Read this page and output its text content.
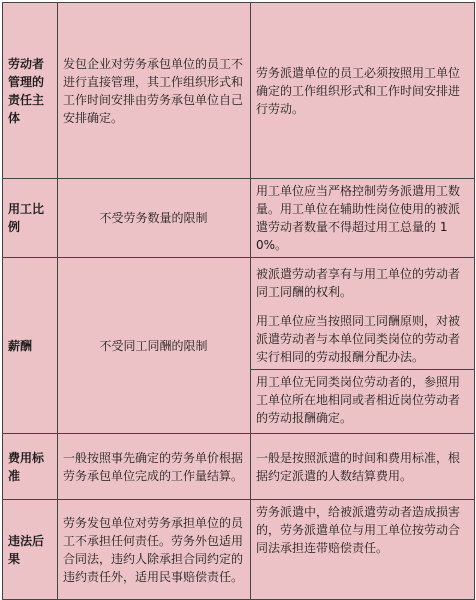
劳动者管理的责任主体	发包企业对劳务承包单位的员工不进行直接管理，其工作组织形式和工作时间安排由劳务承包单位自己安排确定。	劳务派遣单位的员工必须按照用工单位确定的工作组织形式和工作时间安排进行劳动。
用工比例	不受劳务数量的限制	用工单位应当严格控制劳务派遣用工数量。用工单位在辅助性岗位使用的被派遣劳动者数量不得超过用工总量的 10%。
薪酬	不受同工同酬的限制	被派遣劳动者享有与用工单位的劳动者同工同酬的权利。

用工单位应当按照同工同酬原则，对被派遣劳动者与本单位同类岗位的劳动者实行相同的劳动报酬分配办法。

用工单位无同类岗位劳动者的，参照用工单位所在地相同或者相近岗位劳动者的劳动报酬确定。

费用标准	一般按照事先确定的劳务单价根据劳务承包单位完成的工作量结算。	一般是按照派遣的时间和费用标准，根据约定派遣的人数结算费用。
违法后果	劳务发包单位对劳务承担单位的员工不承担任何责任。劳务外包适用合同法，违约人除承担合同约定的违约责任外，适用民事赔偿责任。	劳务派遣中，给被派遣劳动者造成损害的，劳务派遣单位与用工单位按劳动合同法承担连带赔偿责任。
